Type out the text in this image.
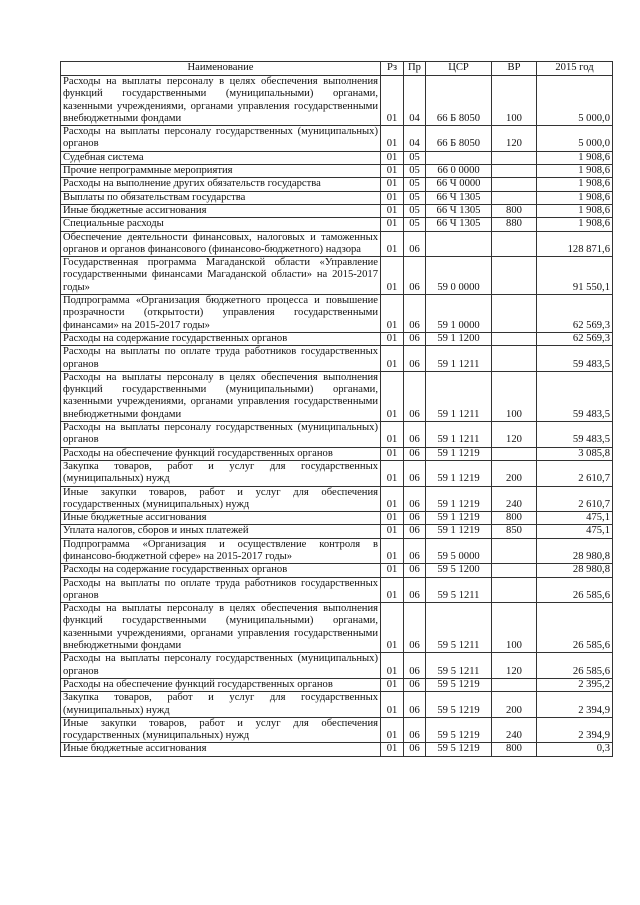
Наименование	Рз	Пр	ЦСР	ВР	2015 год
Расходы на выплаты персоналу в целях обеспечения выполнения функций государственными (муниципальными) органами, казенными учреждениями, органами управления государственными внебюджетными фондами	01	04	66 Б 8050	100	5 000,0
Расходы на выплаты персоналу государственных (муниципальных) органов	01	04	66 Б 8050	120	5 000,0
Судебная система	01	05			1 908,6
Прочие непрограммные мероприятия	01	05	66 0 0000		1 908,6
Расходы на выполнение других обязательств государства	01	05	66 Ч 0000		1 908,6
Выплаты по обязательствам государства	01	05	66 Ч 1305		1 908,6
Иные бюджетные ассигнования	01	05	66 Ч 1305	800	1 908,6
Специальные расходы	01	05	66 Ч 1305	880	1 908,6
Обеспечение деятельности финансовых, налоговых и таможенных органов и органов финансового (финансово-бюджетного) надзора	01	06			128 871,6
Государственная программа Магаданской области «Управление государственными финансами Магаданской области» на 2015-2017 годы»	01	06	59 0 0000		91 550,1
Подпрограмма «Организация бюджетного процесса и повышение прозрачности (открытости) управления государственными финансами» на 2015-2017 годы»	01	06	59 1 0000		62 569,3
Расходы на содержание государственных органов	01	06	59 1 1200		62 569,3
Расходы на выплаты по оплате труда работников государственных органов	01	06	59 1 1211		59 483,5
Расходы на выплаты персоналу в целях обеспечения выполнения функций государственными (муниципальными) органами, казенными учреждениями, органами управления государственными внебюджетными фондами	01	06	59 1 1211	100	59 483,5
Расходы на выплаты персоналу государственных (муниципальных) органов	01	06	59 1 1211	120	59 483,5
Расходы на обеспечение функций государственных органов	01	06	59 1 1219		3 085,8
Закупка товаров, работ и услуг для государственных (муниципальных) нужд	01	06	59 1 1219	200	2 610,7
Иные закупки товаров, работ и услуг для обеспечения государственных (муниципальных) нужд	01	06	59 1 1219	240	2 610,7
Иные бюджетные ассигнования	01	06	59 1 1219	800	475,1
Уплата налогов, сборов и иных платежей	01	06	59 1 1219	850	475,1
Подпрограмма «Организация и осуществление контроля в финансово-бюджетной сфере» на 2015-2017 годы»	01	06	59 5 0000		28 980,8
Расходы на содержание государственных органов	01	06	59 5 1200		28 980,8
Расходы на выплаты по оплате труда работников государственных органов	01	06	59 5 1211		26 585,6
Расходы на выплаты персоналу в целях обеспечения выполнения функций государственными (муниципальными) органами, казенными учреждениями, органами управления государственными внебюджетными фондами	01	06	59 5 1211	100	26 585,6
Расходы на выплаты персоналу государственных (муниципальных) органов	01	06	59 5 1211	120	26 585,6
Расходы на обеспечение функций государственных органов	01	06	59 5 1219		2 395,2
Закупка товаров, работ и услуг для государственных (муниципальных) нужд	01	06	59 5 1219	200	2 394,9
Иные закупки товаров, работ и услуг для обеспечения государственных (муниципальных) нужд	01	06	59 5 1219	240	2 394,9
Иные бюджетные ассигнования	01	06	59 5 1219	800	0,3
